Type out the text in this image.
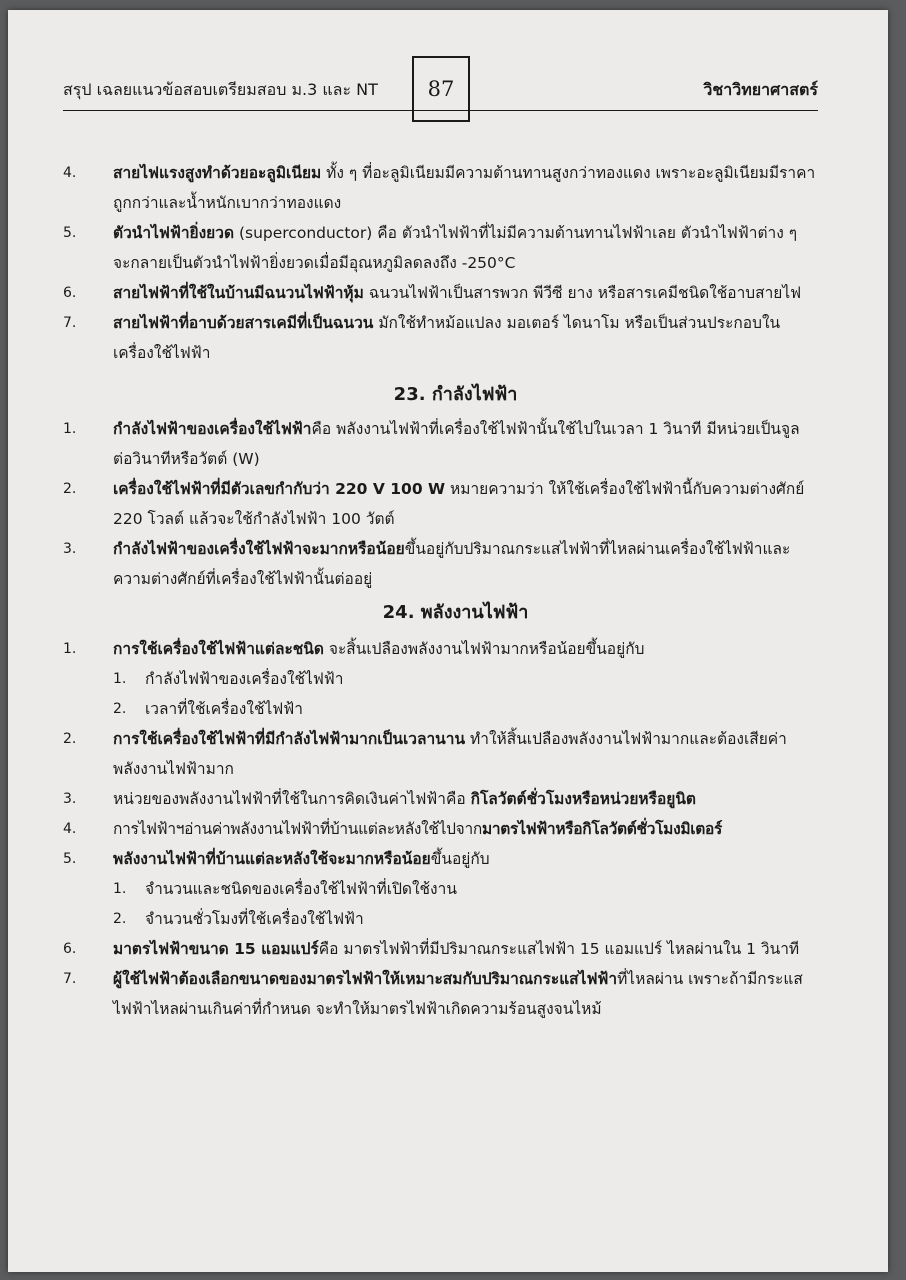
สรุป เฉลยแนวข้อสอบเตรียมสอบ ม.3 และ NT 87	วิชาวิทยาศาสตร์
4.	สายไฟแรงสูงทำด้วยอะลูมิเนียม ทั้ง ๆ ที่อะลูมิเนียมมีความต้านทานสูงกว่าทองแดง เพราะอะลูมิเนียมมีราคาถูกกว่าและน้ำหนักเบากว่าทองแดง
5.	ตัวนำไฟฟ้ายิ่งยวด (superconductor) คือ ตัวนำไฟฟ้าที่ไม่มีความต้านทานไฟฟ้าเลย ตัวนำไฟฟ้าต่าง ๆ จะกลายเป็นตัวนำไฟฟ้ายิ่งยวดเมื่อมีอุณหภูมิลดลงถึง -250°C
6.	สายไฟฟ้าที่ใช้ในบ้านมีฉนวนไฟฟ้าหุ้ม ฉนวนไฟฟ้าเป็นสารพวก พีวีซี ยาง หรือสารเคมีชนิดใช้อาบสายไฟ
7.	สายไฟฟ้าที่อาบด้วยสารเคมีที่เป็นฉนวน มักใช้ทำหม้อแปลง มอเตอร์ ไดนาโม หรือเป็นส่วนประกอบในเครื่องใช้ไฟฟ้า
23. กำลังไฟฟ้า
1.	กำลังไฟฟ้าของเครื่องใช้ไฟฟ้าคือ พลังงานไฟฟ้าที่เครื่องใช้ไฟฟ้านั้นใช้ไปในเวลา 1 วินาที มีหน่วยเป็นจูลต่อวินาทีหรือวัตต์ (W)
2.	เครื่องใช้ไฟฟ้าที่มีตัวเลขกำกับว่า 220 V 100 W หมายความว่า ให้ใช้เครื่องใช้ไฟฟ้านี้กับความต่างศักย์ 220 โวลต์ แล้วจะใช้กำลังไฟฟ้า 100 วัตต์
3.	กำลังไฟฟ้าของเครื่งใช้ไฟฟ้าจะมากหรือน้อยขึ้นอยู่กับปริมาณกระแสไฟฟ้าที่ไหลผ่านเครื่องใช้ไฟฟ้าและความต่างศักย์ที่เครื่องใช้ไฟฟ้านั้นต่ออยู่
24. พลังงานไฟฟ้า
1.	การใช้เครื่องใช้ไฟฟ้าแต่ละชนิด จะสิ้นเปลืองพลังงานไฟฟ้ามากหรือน้อยขึ้นอยู่กับ
1.	กำลังไฟฟ้าของเครื่องใช้ไฟฟ้า
2.	เวลาที่ใช้เครื่องใช้ไฟฟ้า
2.	การใช้เครื่องใช้ไฟฟ้าที่มีกำลังไฟฟ้ามากเป็นเวลานาน ทำให้สิ้นเปลืองพลังงานไฟฟ้ามากและต้องเสียค่าพลังงานไฟฟ้ามาก
3.	หน่วยของพลังงานไฟฟ้าที่ใช้ในการคิดเงินค่าไฟฟ้าคือ กิโลวัตต์ชั่วโมงหรือหน่วยหรือยูนิต
4.	การไฟฟ้าฯอ่านค่าพลังงานไฟฟ้าที่บ้านแต่ละหลังใช้ไปจากมาตรไฟฟ้าหรือกิโลวัตต์ชั่วโมงมิเตอร์
5.	พลังงานไฟฟ้าที่บ้านแต่ละหลังใช้จะมากหรือน้อยขึ้นอยู่กับ
1.	จำนวนและชนิดของเครื่องใช้ไฟฟ้าที่เปิดใช้งาน
2.	จำนวนชั่วโมงที่ใช้เครื่องใช้ไฟฟ้า
6.	มาตรไฟฟ้าขนาด 15 แอมแปร์คือ มาตรไฟฟ้าที่มีปริมาณกระแสไฟฟ้า 15 แอมแปร์ ไหลผ่านใน 1 วินาที
7.	ผู้ใช้ไฟฟ้าต้องเลือกขนาดของมาตรไฟฟ้าให้เหมาะสมกับปริมาณกระแสไฟฟ้าที่ไหลผ่าน เพราะถ้ามีกระแสไฟฟ้าไหลผ่านเกินค่าที่กำหนด จะทำให้มาตรไฟฟ้าเกิดความร้อนสูงจนไหม้
